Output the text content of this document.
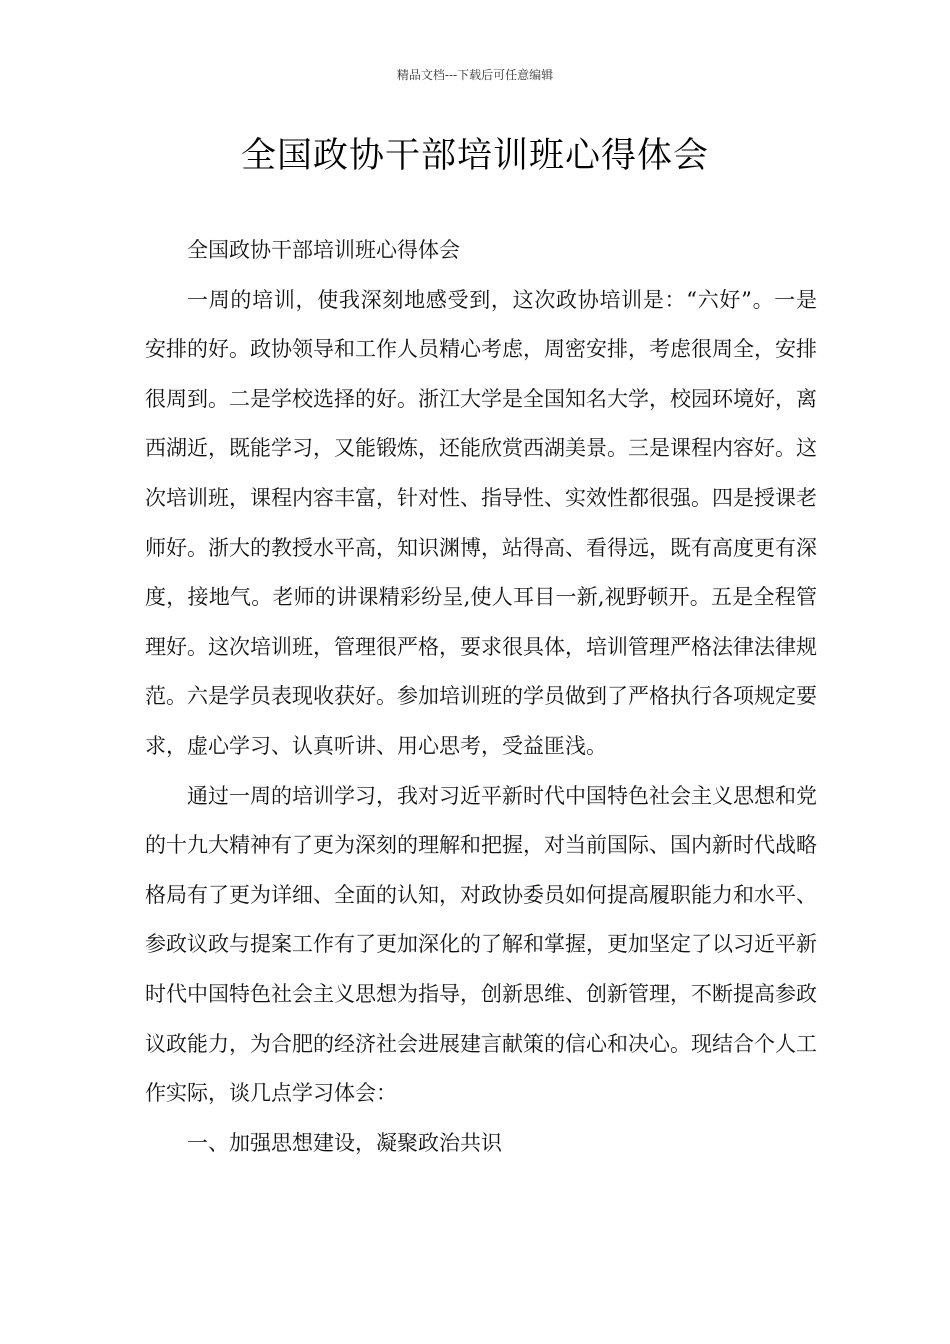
精品文档---下载后可任意编辑
全国政协干部培训班心得体会

全国政协干部培训班心得体会

一周的培训，使我深刻地感受到，这次政协培训是：“六好”。一是安排的好。政协领导和工作人员精心考虑，周密安排，考虑很周全，安排很周到。二是学校选择的好。浙江大学是全国知名大学，校园环境好，离西湖近，既能学习，又能锻炼，还能欣赏西湖美景。三是课程内容好。这次培训班，课程内容丰富，针对性、指导性、实效性都很强。四是授课老师好。浙大的教授水平高，知识渊博，站得高、看得远，既有高度更有深度，接地气。老师的讲课精彩纷呈,使人耳目一新,视野顿开。五是全程管理好。这次培训班，管理很严格，要求很具体，培训管理严格法律法律规范。六是学员表现收获好。参加培训班的学员做到了严格执行各项规定要求，虚心学习、认真听讲、用心思考，受益匪浅。

通过一周的培训学习，我对习近平新时代中国特色社会主义思想和党的十九大精神有了更为深刻的理解和把握，对当前国际、国内新时代战略格局有了更为详细、全面的认知，对政协委员如何提高履职能力和水平、参政议政与提案工作有了更加深化的了解和掌握，更加坚定了以习近平新时代中国特色社会主义思想为指导，创新思维、创新管理，不断提高参政议政能力，为合肥的经济社会进展建言献策的信心和决心。现结合个人工作实际，谈几点学习体会：

一、加强思想建设，凝聚政治共识
